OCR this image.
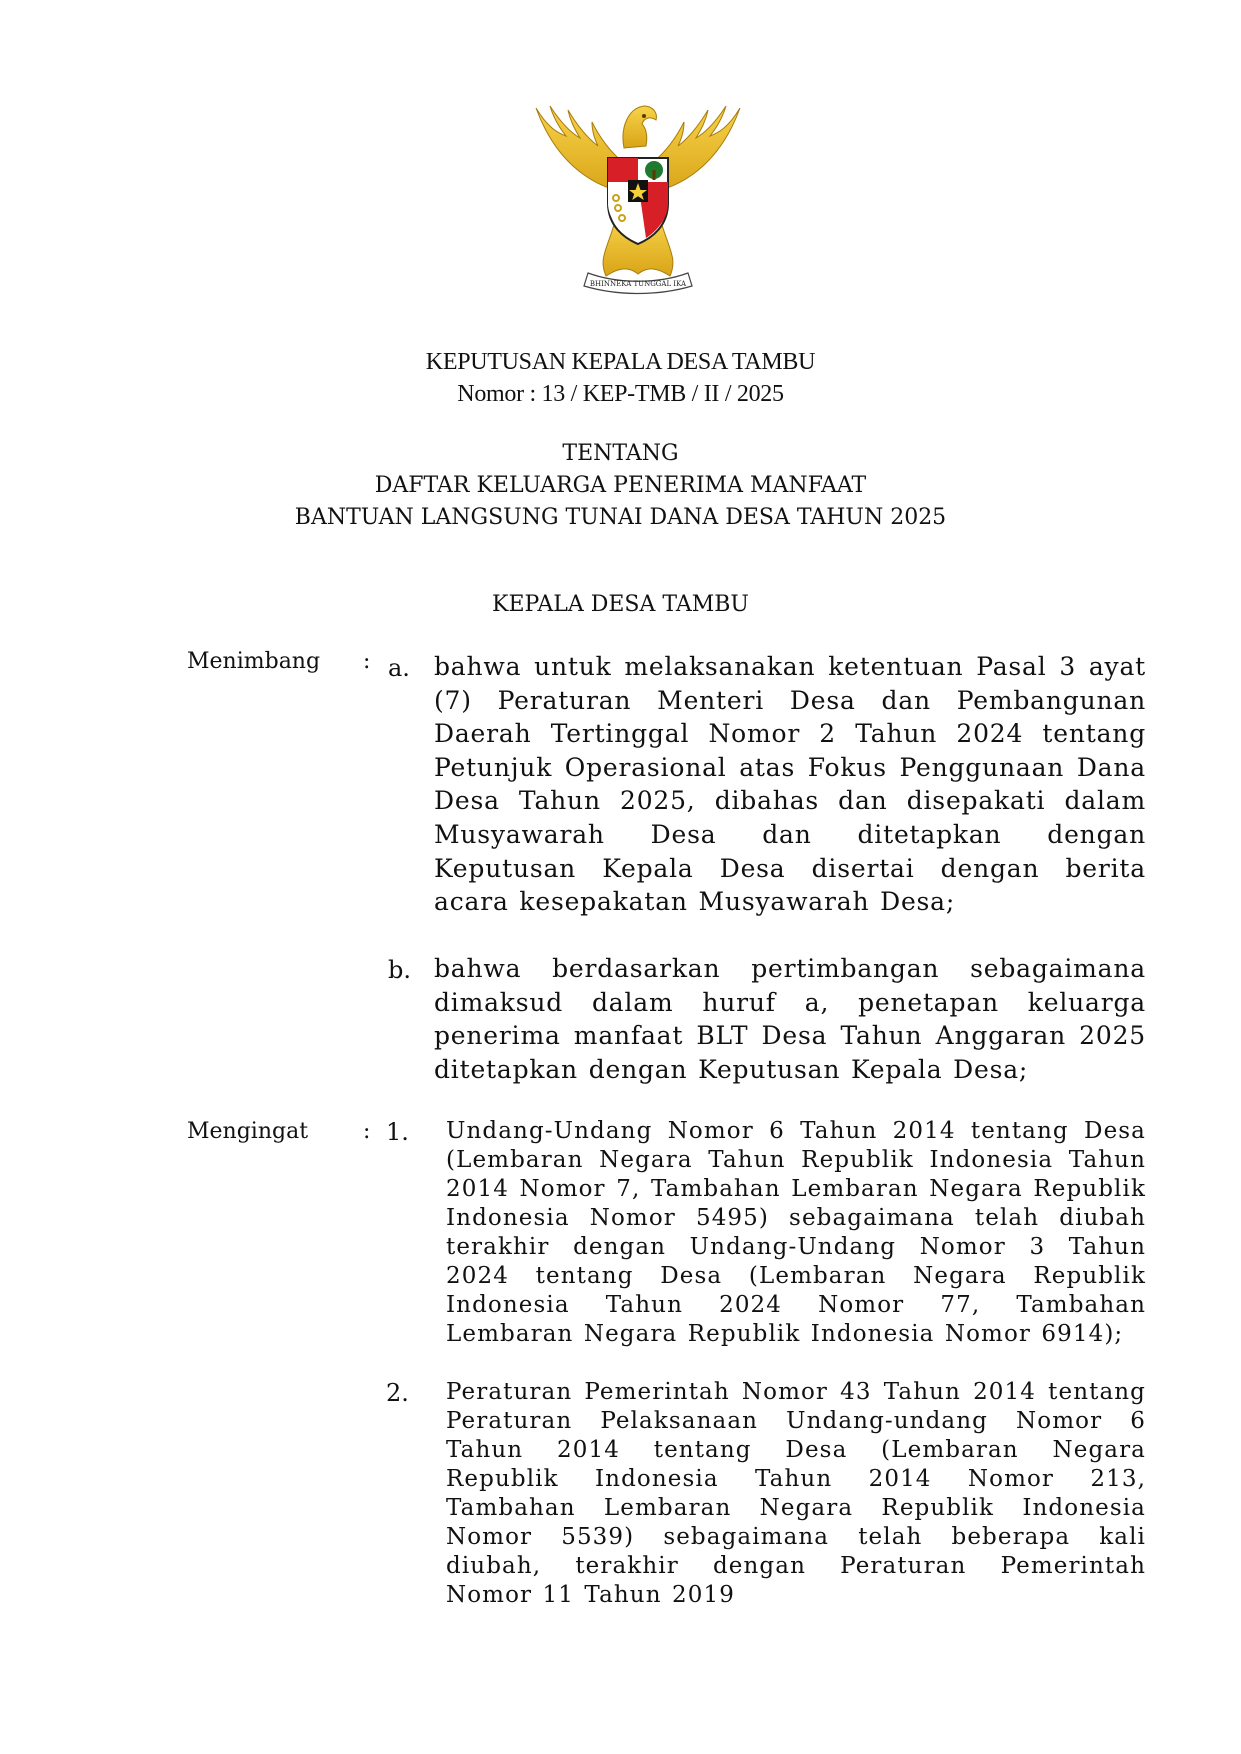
BHINNEKA TUNGGAL IKA
KEPUTUSAN KEPALA DESA TAMBU
Nomor : 13 / KEP-TMB / II / 2025
TENTANG
DAFTAR KELUARGA PENERIMA MANFAAT
BANTUAN LANGSUNG TUNAI DANA DESA TAHUN 2025
KEPALA DESA TAMBU
Menimbang : a. bahwa untuk melaksanakan ketentuan Pasal 3 ayat (7) Peraturan Menteri Desa dan Pembangunan Daerah Tertinggal Nomor 2 Tahun 2024 tentang Petunjuk Operasional atas Fokus Penggunaan Dana Desa Tahun 2025, dibahas dan disepakati dalam Musyawarah Desa dan ditetapkan dengan Keputusan Kepala Desa disertai dengan berita acara kesepakatan Musyawarah Desa;
b. bahwa berdasarkan pertimbangan sebagaimana dimaksud dalam huruf a, penetapan keluarga penerima manfaat BLT Desa Tahun Anggaran 2025 ditetapkan dengan Keputusan Kepala Desa;
Mengingat : 1. Undang-Undang Nomor 6 Tahun 2014 tentang Desa (Lembaran Negara Tahun Republik Indonesia Tahun 2014 Nomor 7, Tambahan Lembaran Negara Republik Indonesia Nomor 5495) sebagaimana telah diubah terakhir dengan Undang-Undang Nomor 3 Tahun 2024 tentang Desa (Lembaran Negara Republik Indonesia Tahun 2024 Nomor 77, Tambahan Lembaran Negara Republik Indonesia Nomor 6914);
2. Peraturan Pemerintah Nomor 43 Tahun 2014 tentang Peraturan Pelaksanaan Undang-undang Nomor 6 Tahun 2014 tentang Desa (Lembaran Negara Republik Indonesia Tahun 2014 Nomor 213, Tambahan Lembaran Negara Republik Indonesia Nomor 5539) sebagaimana telah beberapa kali diubah, terakhir dengan Peraturan Pemerintah Nomor 11 Tahun 2019
